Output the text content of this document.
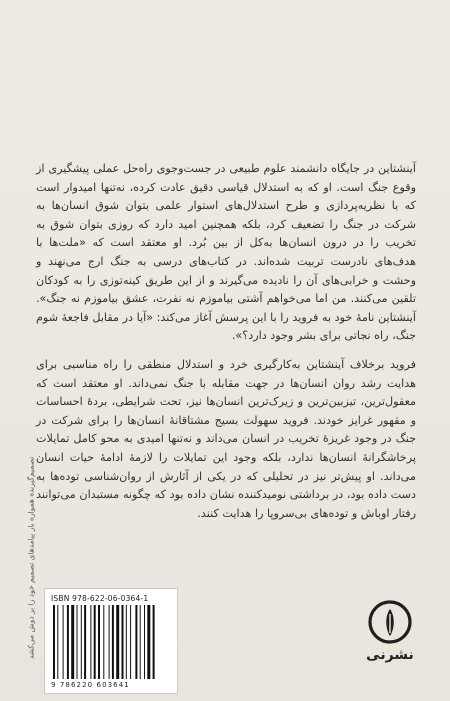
آینشتاین در جایگاه دانشمند علوم طبیعی در جست‌وجوی راه‌حل عملی پیشگیری از وقوع جنگ است. او که به استدلال قیاسی دقیق عادت کرده، نه‌تنها امیدوار است که با نظریه‌پردازی و طرح استدلال‌های استوار علمی بتوان شوق انسان‌ها به شرکت در جنگ را تضعیف کرد، بلکه همچنین امید دارد که روزی بتوان شوق به تخریب را در درون انسان‌ها به‌کل از بین بُرد. او معتقد است که «ملت‌ها با هدف‌های نادرست تربیت شده‌اند. در کتاب‌های درسی به جنگ ارج می‌نهند و وحشت و خرابی‌های آن را نادیده می‌گیرند و از این طریق کینه‌توزی را به کودکان تلقین می‌کنند. من اما می‌خواهم آشتی بیاموزم نه نفرت، عشق بیاموزم نه جنگ». آینشتاین نامهٔ خود به فروید را با این پرسش آغاز می‌کند: «آیا در مقابل فاجعهٔ شوم جنگ، راه نجاتی برای بشر وجود دارد؟».

فروید برخلاف آینشتاین به‌کارگیری خرد و استدلال منطقی را راه مناسبی برای هدایت رشد روان انسان‌ها در جهت مقابله با جنگ نمی‌داند. او معتقد است که معقول‌ترین، تیزبین‌ترین و زیرک‌ترین انسان‌ها نیز، تحت شرایطی، بردهٔ احساسات و مقهور غرایز خودند. فروید سهولت بسیج مشتاقانهٔ انسان‌ها را برای شرکت در جنگ در وجود غریزهٔ تخریب در انسان می‌داند و نه‌تنها امیدی به محو کامل تمایلات پرخاشگرانهٔ انسان‌ها ندارد، بلکه وجود این تمایلات را لازمهٔ ادامهٔ حیات انسان می‌داند. او پیش‌تر نیز در تحلیلی که در یکی از آثارش از روان‌شناسی توده‌ها به دست داده بود، در برداشتی نومیدکننده نشان داده بود که چگونه مستبدان می‌توانند رفتار اوباش و توده‌های بی‌سروپا را هدایت کنند.

تصمیم‌گیرنده همواره بار پیامدهای تصمیم خود را بر دوش می‌کشد ISBN 978-622-06-0364-1
9 786220 603641
نشرنی
